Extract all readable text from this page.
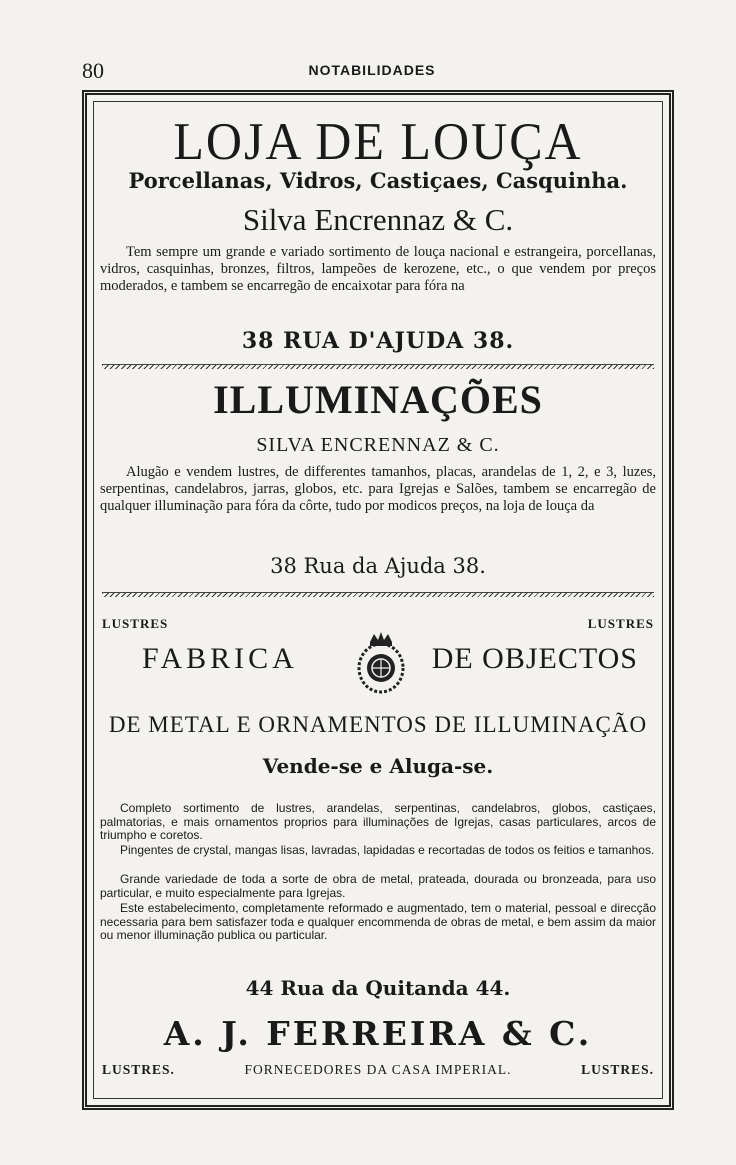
80	NOTABILIDADES
LOJA DE LOUÇA
Porcellanas, Vidros, Castiçaes, Casquinha.
Silva Encrennaz & C.
Tem sempre um grande e variado sortimento de louça nacional e estrangeira, porcellanas, vidros, casquinhas, bronzes, filtros, lampeões de kerozene, etc., o que vendem por preços moderados, e tambem se encarregão de encaixotar para fóra na
38 RUA D'AJUDA 38.
ILLUMINAÇÕES
SILVA ENCRENNAZ & C.
Alugão e vendem lustres, de differentes tamanhos, placas, arandelas de 1, 2, e 3, luzes, serpentinas, candelabros, jarras, globos, etc. para Igrejas e Salões, tambem se encarregão de qualquer illuminação para fóra da côrte, tudo por modicos preços, na loja de louça da
38 Rua da Ajuda 38.
LUSTRES	LUSTRES
FABRICA	DE OBJECTOS
DE METAL E ORNAMENTOS DE ILLUMINAÇÃO
Vende-se e Aluga-se.

Completo sortimento de lustres, arandelas, serpentinas, candelabros, globos, castiçaes, palmatorias, e mais ornamentos proprios para illuminações de Igrejas, casas particulares, arcos de triumpho e coretos.

Pingentes de crystal, mangas lisas, lavradas, lapidadas e recortadas de todos os feitios e tamanhos.

Grande variedade de toda a sorte de obra de metal, prateada, dourada ou bronzeada, para uso particular, e muito especialmente para Igrejas.

Este estabelecimento, completamente reformado e augmentado, tem o material, pessoal e direcção necessaria para bem satisfazer toda e qualquer encommenda de obras de metal, e bem assim da maior ou menor illuminação publica ou particular.

44 Rua da Quitanda 44.
A. J. FERREIRA & C.
LUSTRES.	FORNECEDORES DA CASA IMPERIAL.	LUSTRES.
